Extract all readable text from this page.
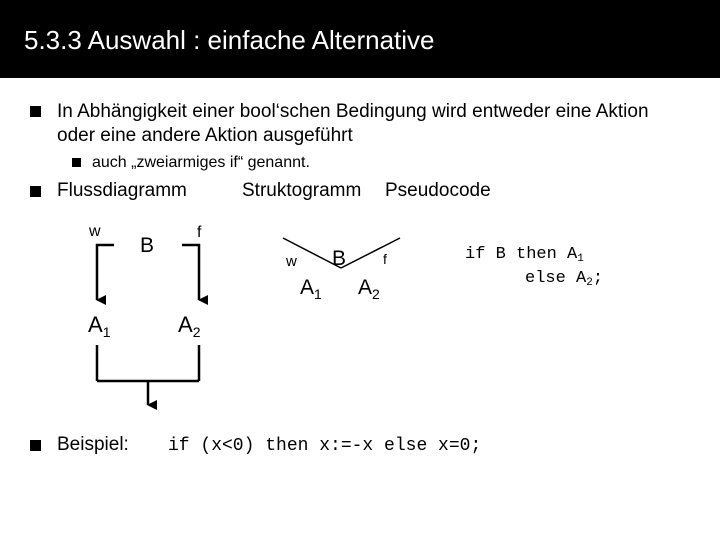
5.3.3 Auswahl : einfache Alternative
In Abhängigkeit einer bool‘schen Bedingung wird entweder eine Aktion
oder eine andere Aktion ausgeführt
auch „zweiarmiges if“ genannt.
Flussdiagramm	Struktogramm Pseudocode
w	f
B
$A_1$	$A_2$
w B	f
$A_1$ $A_2$
if B then A1
else A2;
Beispiel: if (x<0) then x:=-x else x=0;
